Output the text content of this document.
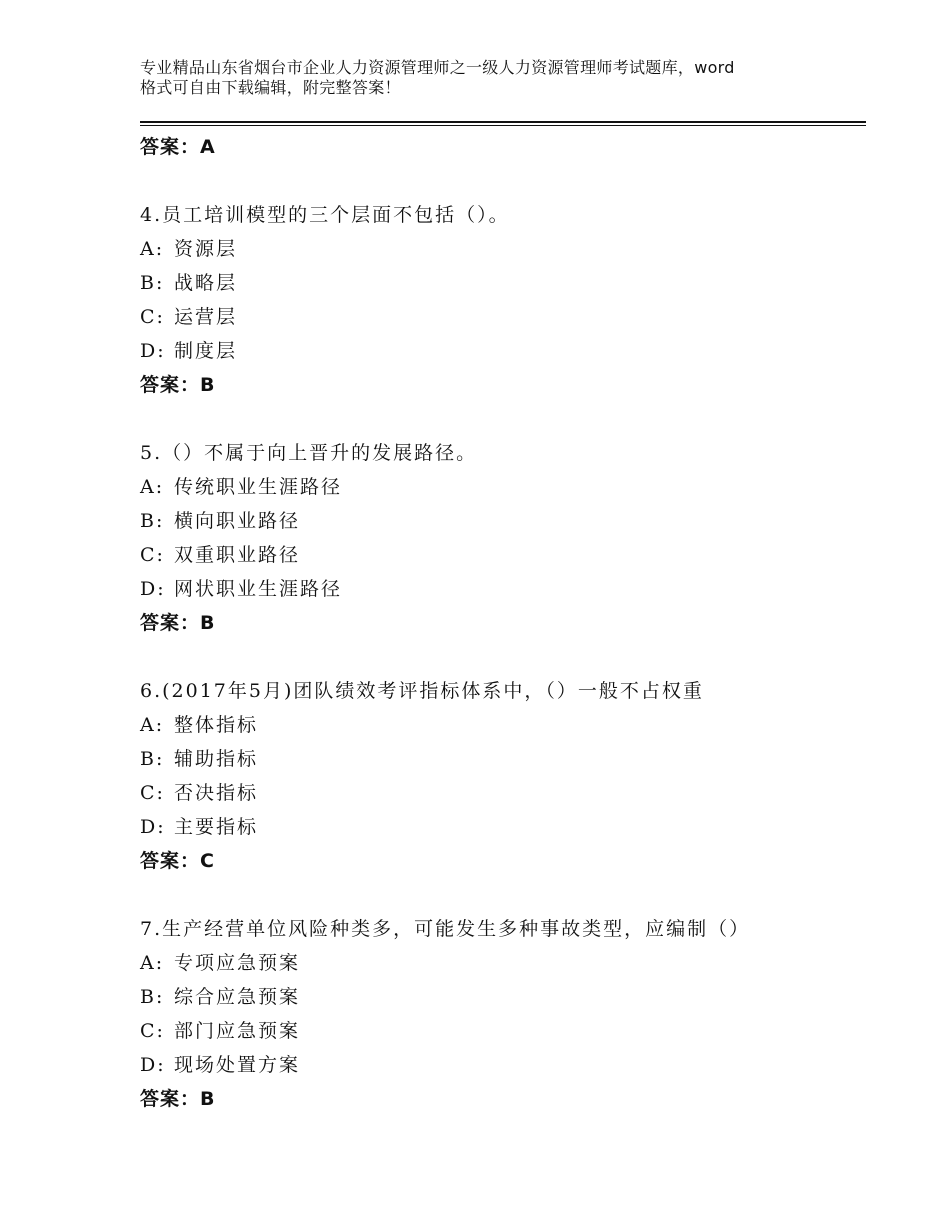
专业精品山东省烟台市企业人力资源管理师之一级人力资源管理师考试题库，word
格式可自由下载编辑，附完整答案！
答案：A
4.员工培训模型的三个层面不包括（）。
A: 资源层
B: 战略层
C: 运营层
D: 制度层
答案：B
5.（）不属于向上晋升的发展路径。
A: 传统职业生涯路径
B: 横向职业路径
C: 双重职业路径
D: 网状职业生涯路径
答案：B
6.(2017年5月)团队绩效考评指标体系中，（）一般不占权重
A: 整体指标
B: 辅助指标
C: 否决指标
D: 主要指标
答案：C
7.生产经营单位风险种类多，可能发生多种事故类型，应编制（）
A: 专项应急预案
B: 综合应急预案
C: 部门应急预案
D: 现场处置方案
答案：B
